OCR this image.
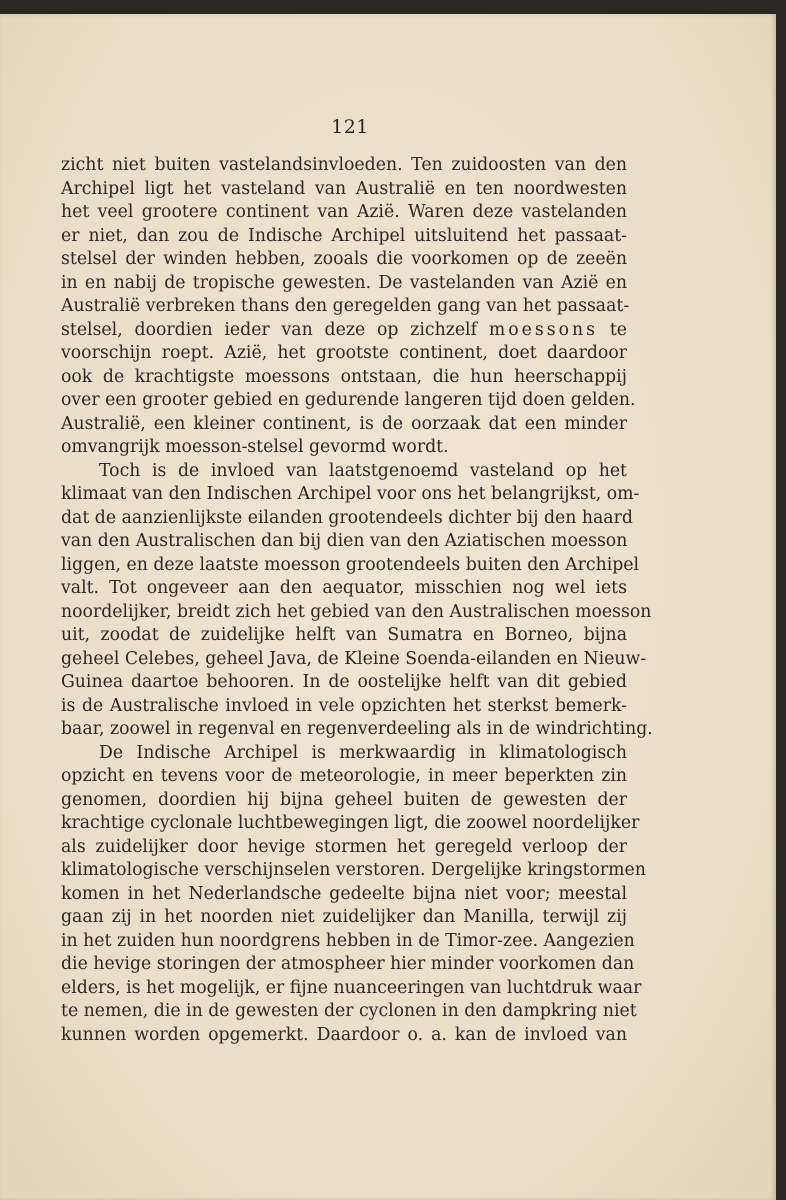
121
zicht niet buiten vastelandsinvloeden. Ten zuidoosten van den
Archipel ligt het vasteland van Australië en ten noordwesten
het veel grootere continent van Azië. Waren deze vastelanden
er niet, dan zou de Indische Archipel uitsluitend het passaat-
stelsel der winden hebben, zooals die voorkomen op de zeeën
in en nabij de tropische gewesten. De vastelanden van Azië en
Australië verbreken thans den geregelden gang van het passaat-
stelsel, doordien ieder van deze op zichzelf moessons te
voorschijn roept. Azië, het grootste continent, doet daardoor
ook de krachtigste moessons ontstaan, die hun heerschappij
over een grooter gebied en gedurende langeren tijd doen gelden.
Australië, een kleiner continent, is de oorzaak dat een minder
omvangrijk moesson-stelsel gevormd wordt.
Toch is de invloed van laatstgenoemd vasteland op het
klimaat van den Indischen Archipel voor ons het belangrijkst, om-
dat de aanzienlijkste eilanden grootendeels dichter bij den haard
van den Australischen dan bij dien van den Aziatischen moesson
liggen, en deze laatste moesson grootendeels buiten den Archipel
valt. Tot ongeveer aan den aequator, misschien nog wel iets
noordelijker, breidt zich het gebied van den Australischen moesson
uit, zoodat de zuidelijke helft van Sumatra en Borneo, bijna
geheel Celebes, geheel Java, de Kleine Soenda-eilanden en Nieuw-
Guinea daartoe behooren. In de oostelijke helft van dit gebied
is de Australische invloed in vele opzichten het sterkst bemerk-
baar, zoowel in regenval en regenverdeeling als in de windrichting.
De Indische Archipel is merkwaardig in klimatologisch
opzicht en tevens voor de meteorologie, in meer beperkten zin
genomen, doordien hij bijna geheel buiten de gewesten der
krachtige cyclonale luchtbewegingen ligt, die zoowel noordelijker
als zuidelijker door hevige stormen het geregeld verloop der
klimatologische verschijnselen verstoren. Dergelijke kringstormen
komen in het Nederlandsche gedeelte bijna niet voor; meestal
gaan zij in het noorden niet zuidelijker dan Manilla, terwijl zij
in het zuiden hun noordgrens hebben in de Timor-zee. Aangezien
die hevige storingen der atmospheer hier minder voorkomen dan
elders, is het mogelijk, er fijne nuanceeringen van luchtdruk waar
te nemen, die in de gewesten der cyclonen in den dampkring niet
kunnen worden opgemerkt. Daardoor o. a. kan de invloed van
